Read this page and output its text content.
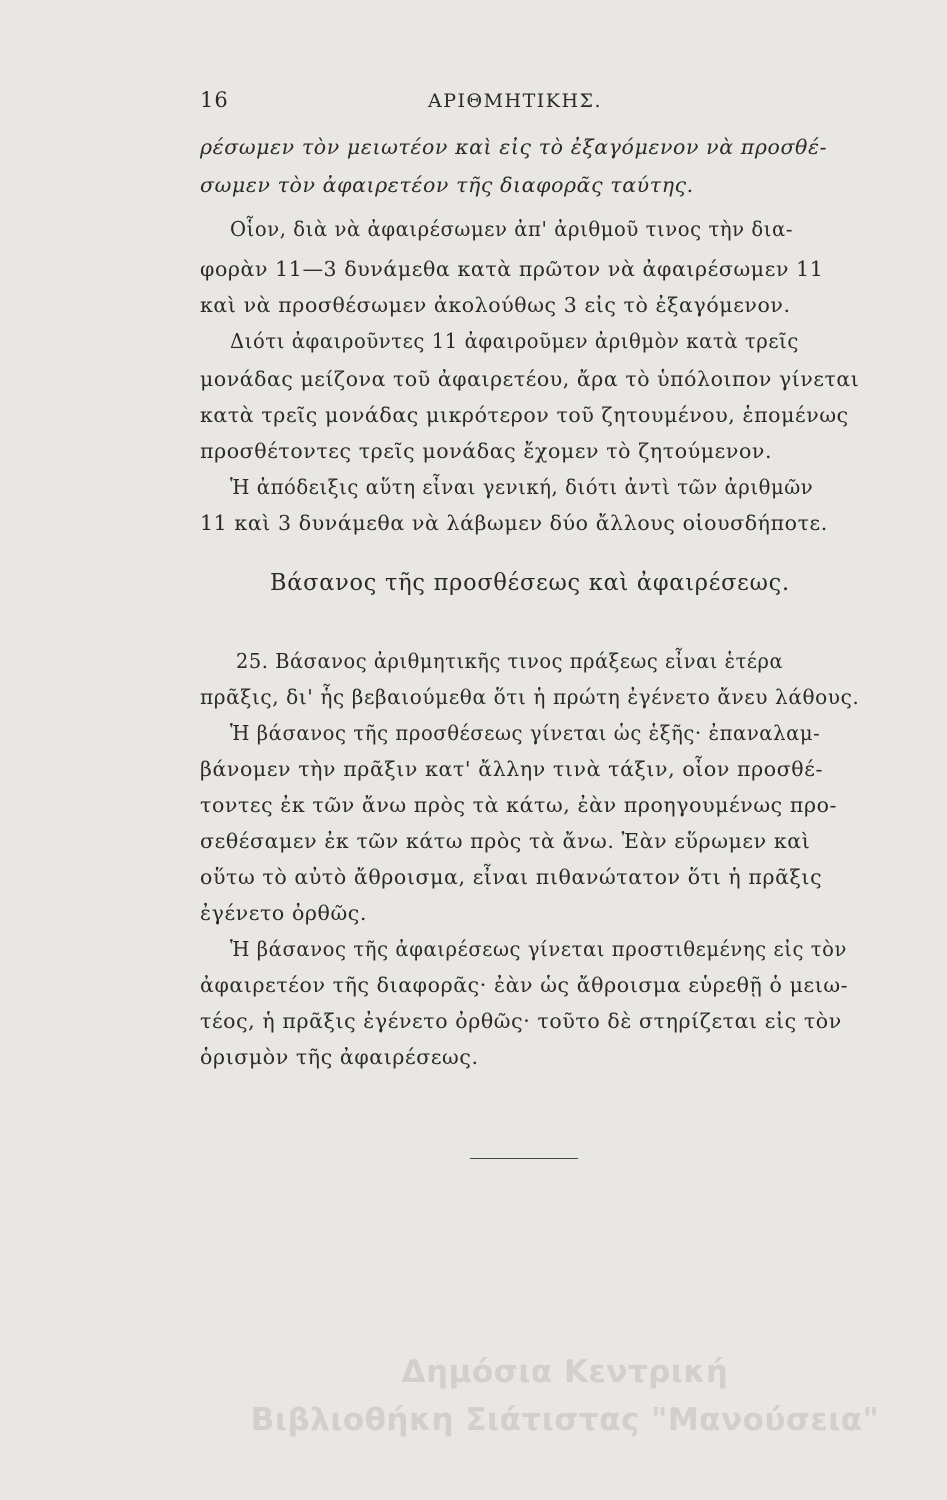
16	ΑΡΙΘΜΗΤΙΚΗΣ.
ρέσωμεν τὸν μειωτέον καὶ εἰς τὸ ἐξαγόμενον νὰ προσθέ-
σωμεν τὸν ἀφαιρετέον τῆς διαφορᾶς ταύτης.
Οἷον, διὰ νὰ ἀφαιρέσωμεν ἀπ' ἀριθμοῦ τινος τὴν δια-
φορὰν 11—3 δυνάμεθα κατὰ πρῶτον νὰ ἀφαιρέσωμεν 11
καὶ νὰ προσθέσωμεν ἀκολούθως 3 εἰς τὸ ἐξαγόμενον.
Διότι ἀφαιροῦντες 11 ἀφαιροῦμεν ἀριθμὸν κατὰ τρεῖς
μονάδας μείζονα τοῦ ἀφαιρετέου, ἄρα τὸ ὑπόλοιπον γίνεται
κατὰ τρεῖς μονάδας μικρότερον τοῦ ζητουμένου, ἑπομένως
προσθέτοντες τρεῖς μονάδας ἔχομεν τὸ ζητούμενον.
Ἡ ἀπόδειξις αὕτη εἶναι γενική, διότι ἀντὶ τῶν ἀριθμῶν
11 καὶ 3 δυνάμεθα νὰ λάβωμεν δύο ἄλλους οἱουσδήποτε.
Βάσανος τῆς προσθέσεως καὶ ἀφαιρέσεως.
25. Βάσανος ἀριθμητικῆς τινος πράξεως εἶναι ἑτέρα
πρᾶξις, δι' ἧς βεβαιούμεθα ὅτι ἡ πρώτη ἐγένετο ἄνευ λάθους.
Ἡ βάσανος τῆς προσθέσεως γίνεται ὡς ἑξῆς· ἐπαναλαμ-
βάνομεν τὴν πρᾶξιν κατ' ἄλλην τινὰ τάξιν, οἷον προσθέ-
τοντες ἐκ τῶν ἄνω πρὸς τὰ κάτω, ἐὰν προηγουμένως προ-
σεθέσαμεν ἐκ τῶν κάτω πρὸς τὰ ἄνω. Ἐὰν εὕρωμεν καὶ
οὕτω τὸ αὐτὸ ἄθροισμα, εἶναι πιθανώτατον ὅτι ἡ πρᾶξις
ἐγένετο ὀρθῶς.
Ἡ βάσανος τῆς ἀφαιρέσεως γίνεται προστιθεμένης εἰς τὸν
ἀφαιρετέον τῆς διαφορᾶς· ἐὰν ὡς ἄθροισμα εὑρεθῇ ὁ μειω-
τέος, ἡ πρᾶξις ἐγένετο ὀρθῶς· τοῦτο δὲ στηρίζεται εἰς τὸν
ὁρισμὸν τῆς ἀφαιρέσεως.
Δημόσια Κεντρική
Βιβλιοθήκη Σιάτιστας "Μανούσεια"
